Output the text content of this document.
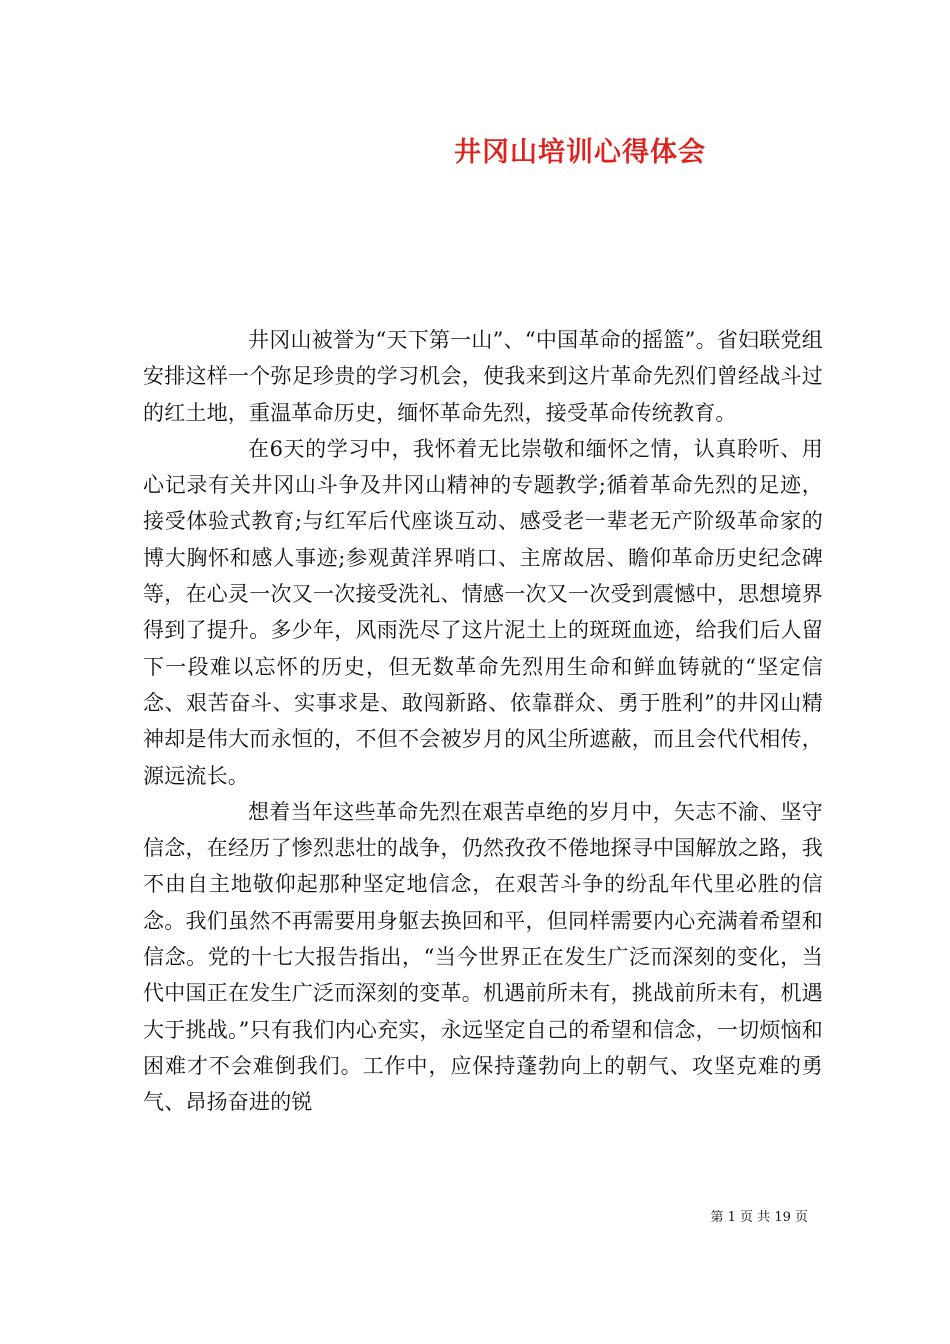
井冈山培训心得体会

井冈山被誉为“天下第一山”、“中国革命的摇篮”。省妇联党组安排这样一个弥足珍贵的学习机会，使我来到这片革命先烈们曾经战斗过的红土地，重温革命历史，缅怀革命先烈，接受革命传统教育。

在6天的学习中，我怀着无比崇敬和缅怀之情，认真聆听、用心记录有关井冈山斗争及井冈山精神的专题教学;循着革命先烈的足迹，接受体验式教育;与红军后代座谈互动、感受老一辈老无产阶级革命家的博大胸怀和感人事迹;参观黄洋界哨口、主席故居、瞻仰革命历史纪念碑等，在心灵一次又一次接受洗礼、情感一次又一次受到震憾中，思想境界得到了提升。多少年，风雨洗尽了这片泥土上的斑斑血迹，给我们后人留下一段难以忘怀的历史，但无数革命先烈用生命和鲜血铸就的“坚定信念、艰苦奋斗、实事求是、敢闯新路、依靠群众、勇于胜利”的井冈山精神却是伟大而永恒的，不但不会被岁月的风尘所遮蔽，而且会代代相传，源远流长。

想着当年这些革命先烈在艰苦卓绝的岁月中，矢志不渝、坚守信念，在经历了惨烈悲壮的战争，仍然孜孜不倦地探寻中国解放之路，我不由自主地敬仰起那种坚定地信念，在艰苦斗争的纷乱年代里必胜的信念。我们虽然不再需要用身躯去换回和平，但同样需要内心充满着希望和信念。党的十七大报告指出，“当今世界正在发生广泛而深刻的变化，当代中国正在发生广泛而深刻的变革。机遇前所未有，挑战前所未有，机遇大于挑战。”只有我们内心充实，永远坚定自己的希望和信念，一切烦恼和困难才不会难倒我们。工作中，应保持蓬勃向上的朝气、攻坚克难的勇气、昂扬奋进的锐

第 1 页 共 19 页
